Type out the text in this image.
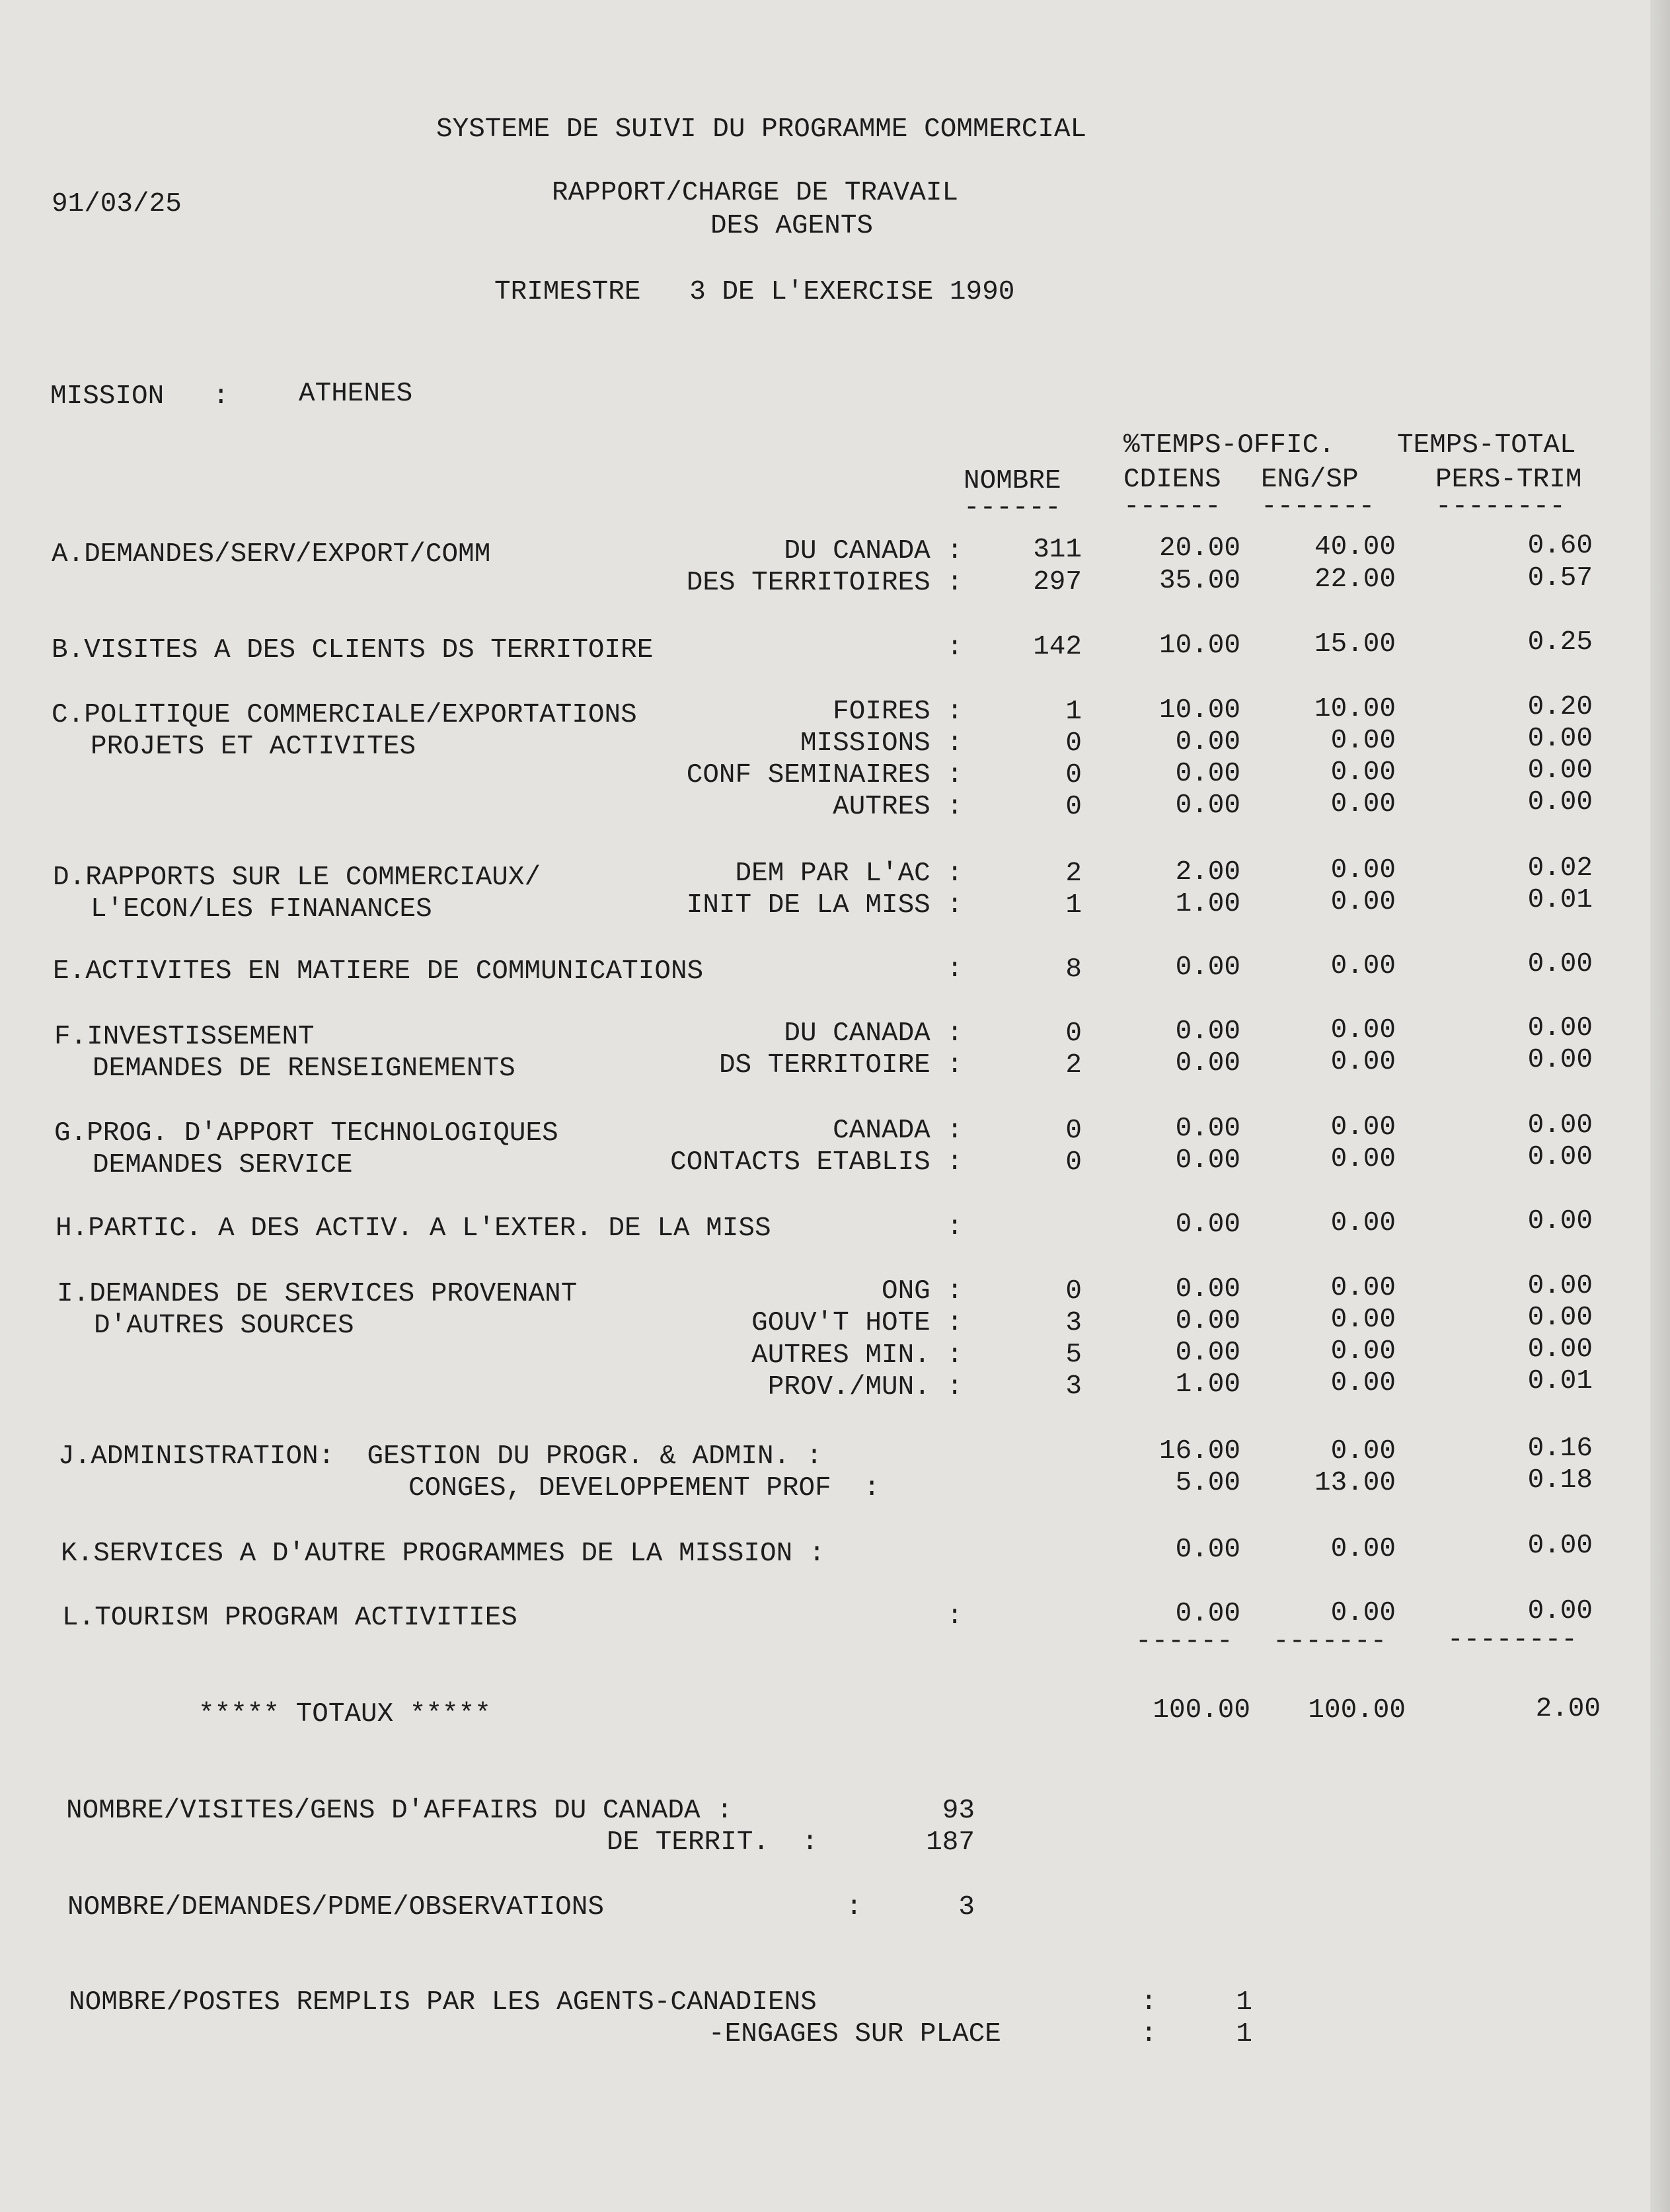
SYSTEME DE SUIVI DU PROGRAMME COMMERCIAL
91/03/25	RAPPORT/CHARGE DE TRAVAIL
DES AGENTS
TRIMESTRE   3 DE L'EXERCISE 1990
MISSION   :	ATHENES
%TEMPS-OFFIC. TEMPS-TOTAL
NOMBRE CDIENS ENG/SP	PERS-TRIM
------ ------ ------- --------
A.DEMANDES/SERV/EXPORT/COMM	DU CANADA :	311	20.00	40.00	0.60
DES TERRITOIRES :	297	35.00	22.00	0.57
B.VISITES A DES CLIENTS DS TERRITOIRE	:	142	10.00	15.00	0.25
C.POLITIQUE COMMERCIALE/EXPORTATIONS	FOIRES :	1	10.00	10.00	0.20
PROJETS ET ACTIVITES	MISSIONS :	0	0.00	0.00	0.00
CONF SEMINAIRES :	0	0.00	0.00	0.00
AUTRES :	0	0.00	0.00	0.00
D.RAPPORTS SUR LE COMMERCIAUX/	DEM PAR L'AC :	2	2.00	0.00	0.02
L'ECON/LES FINANANCES	INIT DE LA MISS :	1	1.00	0.00	0.01
E.ACTIVITES EN MATIERE DE COMMUNICATIONS	:	8	0.00	0.00	0.00
F.INVESTISSEMENT	DU CANADA :	0	0.00	0.00	0.00
DEMANDES DE RENSEIGNEMENTS	DS TERRITOIRE :	2	0.00	0.00	0.00
G.PROG. D'APPORT TECHNOLOGIQUES	CANADA :	0	0.00	0.00	0.00
DEMANDES SERVICE	CONTACTS ETABLIS :	0	0.00	0.00	0.00
H.PARTIC. A DES ACTIV. A L'EXTER. DE LA MISS	:	0.00	0.00	0.00
I.DEMANDES DE SERVICES PROVENANT	ONG :	0	0.00	0.00	0.00
D'AUTRES SOURCES	GOUV'T HOTE :	3	0.00	0.00	0.00
AUTRES MIN. :	5	0.00	0.00	0.00
PROV./MUN. :	3	1.00	0.00	0.01
J.ADMINISTRATION:  GESTION DU PROGR. & ADMIN. :	16.00	0.00	0.16
CONGES, DEVELOPPEMENT PROF  :	5.00	13.00	0.18
K.SERVICES A D'AUTRE PROGRAMMES DE LA MISSION :	0.00	0.00	0.00
L.TOURISM PROGRAM ACTIVITIES	:	0.00	0.00	0.00
------ ------- --------
***** TOTAUX *****	100.00 100.00	2.00
NOMBRE/VISITES/GENS D'AFFAIRS DU CANADA :	93
DE TERRIT.  :	187
NOMBRE/DEMANDES/PDME/OBSERVATIONS	:	3
NOMBRE/POSTES REMPLIS PAR LES AGENTS-CANADIENS	:	1
-ENGAGES SUR PLACE	:	1
